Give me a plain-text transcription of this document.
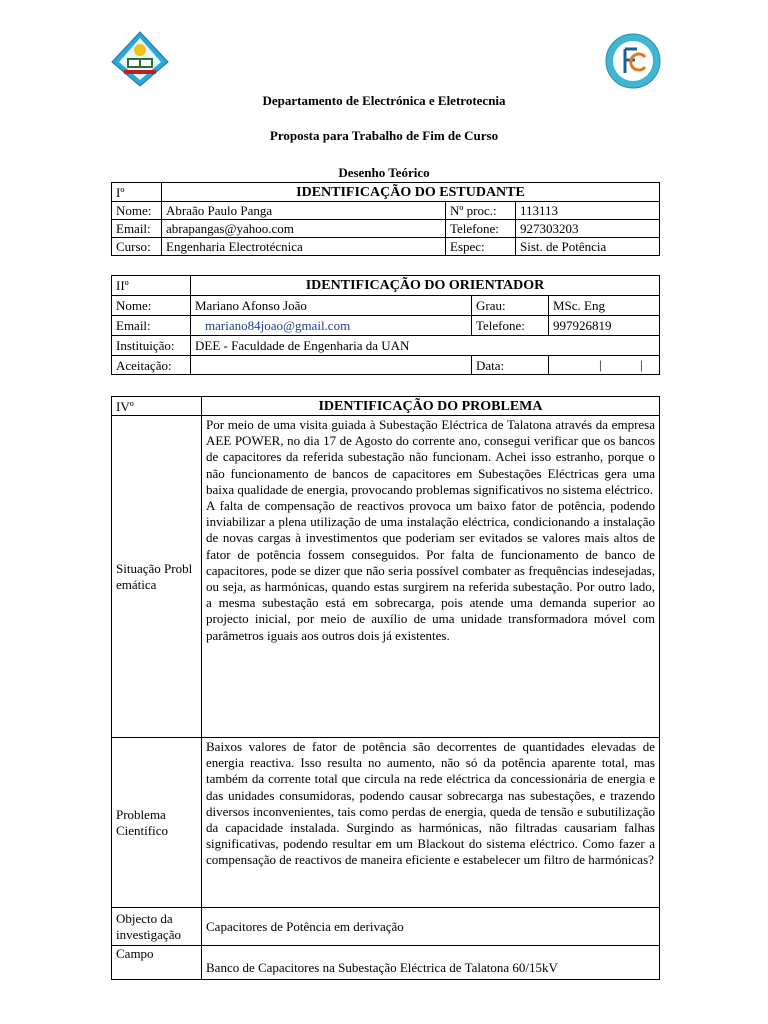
Departamento de Electrónica e Eletrotecnia
Proposta para Trabalho de Fim de Curso
Desenho Teórico
Iº	IDENTIFICAÇÃO DO ESTUDANTE		
Nome:	Abraão Paulo Panga	Nº proc.:	113113
Email:	abrapangas@yahoo.com	Telefone:	927303203
Curso:	Engenharia Electrotécnica	Espec:	Sist. de Potência
IIº	IDENTIFICAÇÃO DO ORIENTADOR		
Nome:	Mariano Afonso João	Grau:	MSc. Eng
Email:	mariano84joao@gmail.com	Telefone:	997926819
Instituição:	DEE - Faculdade de Engenharia da UAN		
Aceitação:		Data:	| |
IVº	IDENTIFICAÇÃO DO PROBLEMA
Situação Problemática	Por meio de uma visita guiada à Subestação Eléctrica de Talatona através da empresa AEE POWER, no dia 17 de Agosto do corrente ano, consegui verificar que os bancos de capacitores da referida subestação não funcionam. Achei isso estranho, porque o não funcionamento de bancos de capacitores em Subestações Eléctricas gera uma baixa qualidade de energia, provocando problemas significativos no sistema eléctrico.
A falta de compensação de reactivos provoca um baixo fator de potência, podendo inviabilizar a plena utilização de uma instalação eléctrica, condicionando a instalação de novas cargas à investimentos que poderiam ser evitados se valores mais altos de fator de potência fossem conseguidos. Por falta de funcionamento de banco de capacitores, pode se dizer que não seria possível combater as frequências indesejadas, ou seja, as harmónicas, quando estas surgirem na referida subestação. Por outro lado, a mesma subestação está em sobrecarga, pois atende uma demanda superior ao projecto inicial, por meio de auxílio de uma unidade transformadora móvel com parâmetros iguais aos outros dois já existentes.

Problema Científico	Baixos valores de fator de potência são decorrentes de quantidades elevadas de energia reactiva. Isso resulta no aumento, não só da potência aparente total, mas também da corrente total que circula na rede eléctrica da concessionária de energia e das unidades consumidoras, podendo causar sobrecarga nas subestações, e trazendo diversos inconvenientes, tais como perdas de energia, queda de tensão e subutilização da capacidade instalada. Surgindo as harmónicas, não filtradas causariam falhas significativas, podendo resultar em um Blackout do sistema eléctrico. Como fazer a compensação de reactivos de maneira eficiente e estabelecer um filtro de harmónicas?
Objecto da investigação	Capacitores de Potência em derivação
Campo	Banco de Capacitores na Subestação Eléctrica de Talatona 60/15kV
